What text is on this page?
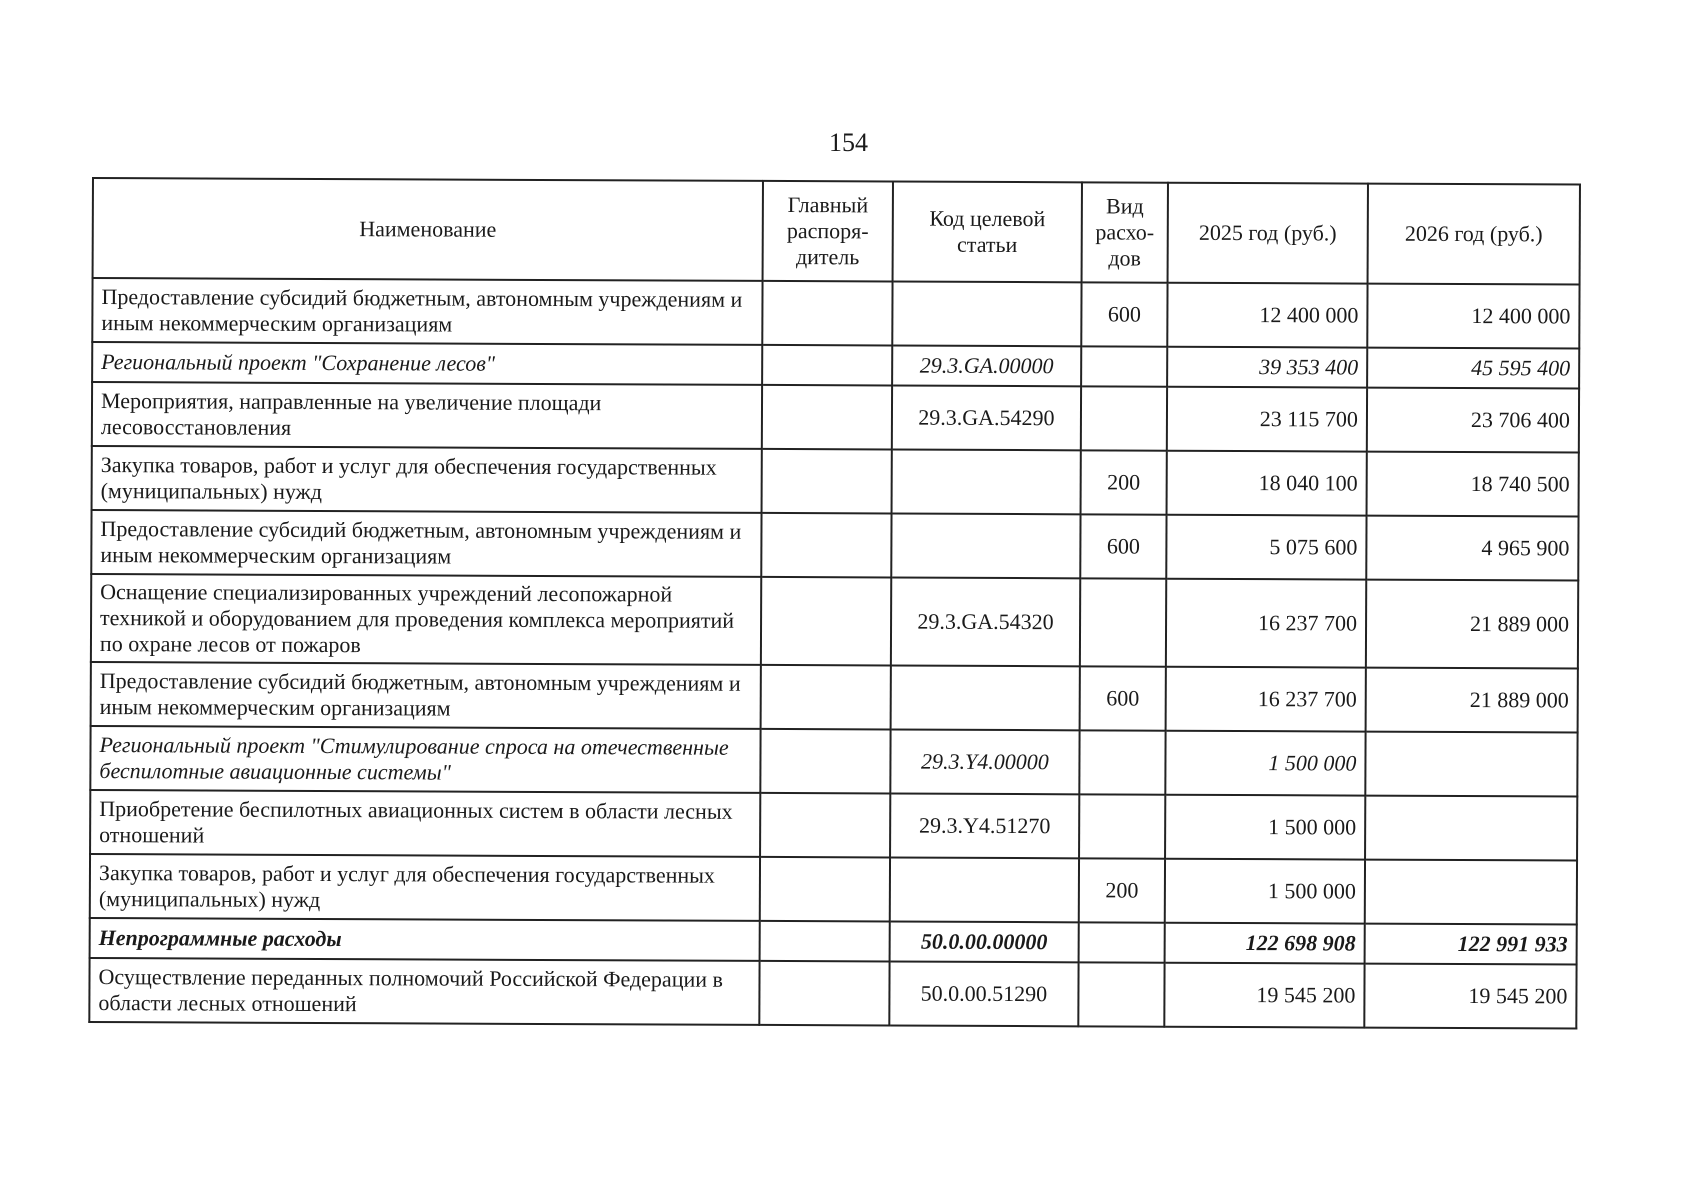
154
Наименование	Главный распоря-дитель	Код целевой статьи	Вид расхо-дов	2025 год (руб.)	2026 год (руб.)
Предоставление субсидий бюджетным, автономным учреждениям и иным некоммерческим организациям			600	12 400 000	12 400 000
Региональный проект "Сохранение лесов"		29.3.GA.00000		39 353 400	45 595 400
Мероприятия, направленные на увеличение площади лесовосстановления		29.3.GA.54290		23 115 700	23 706 400
Закупка товаров, работ и услуг для обеспечения государственных (муниципальных) нужд			200	18 040 100	18 740 500
Предоставление субсидий бюджетным, автономным учреждениям и иным некоммерческим организациям			600	5 075 600	4 965 900
Оснащение специализированных учреждений лесопожарной техникой и оборудованием для проведения комплекса мероприятий по охране лесов от пожаров		29.3.GA.54320		16 237 700	21 889 000
Предоставление субсидий бюджетным, автономным учреждениям и иным некоммерческим организациям			600	16 237 700	21 889 000
Региональный проект "Стимулирование спроса на отечественные беспилотные авиационные системы"		29.3.Y4.00000		1 500 000	
Приобретение беспилотных авиационных систем в области лесных отношений		29.3.Y4.51270		1 500 000	
Закупка товаров, работ и услуг для обеспечения государственных (муниципальных) нужд			200	1 500 000	
Непрограммные расходы		50.0.00.00000		122 698 908	122 991 933
Осуществление переданных полномочий Российской Федерации в области лесных отношений		50.0.00.51290		19 545 200	19 545 200
